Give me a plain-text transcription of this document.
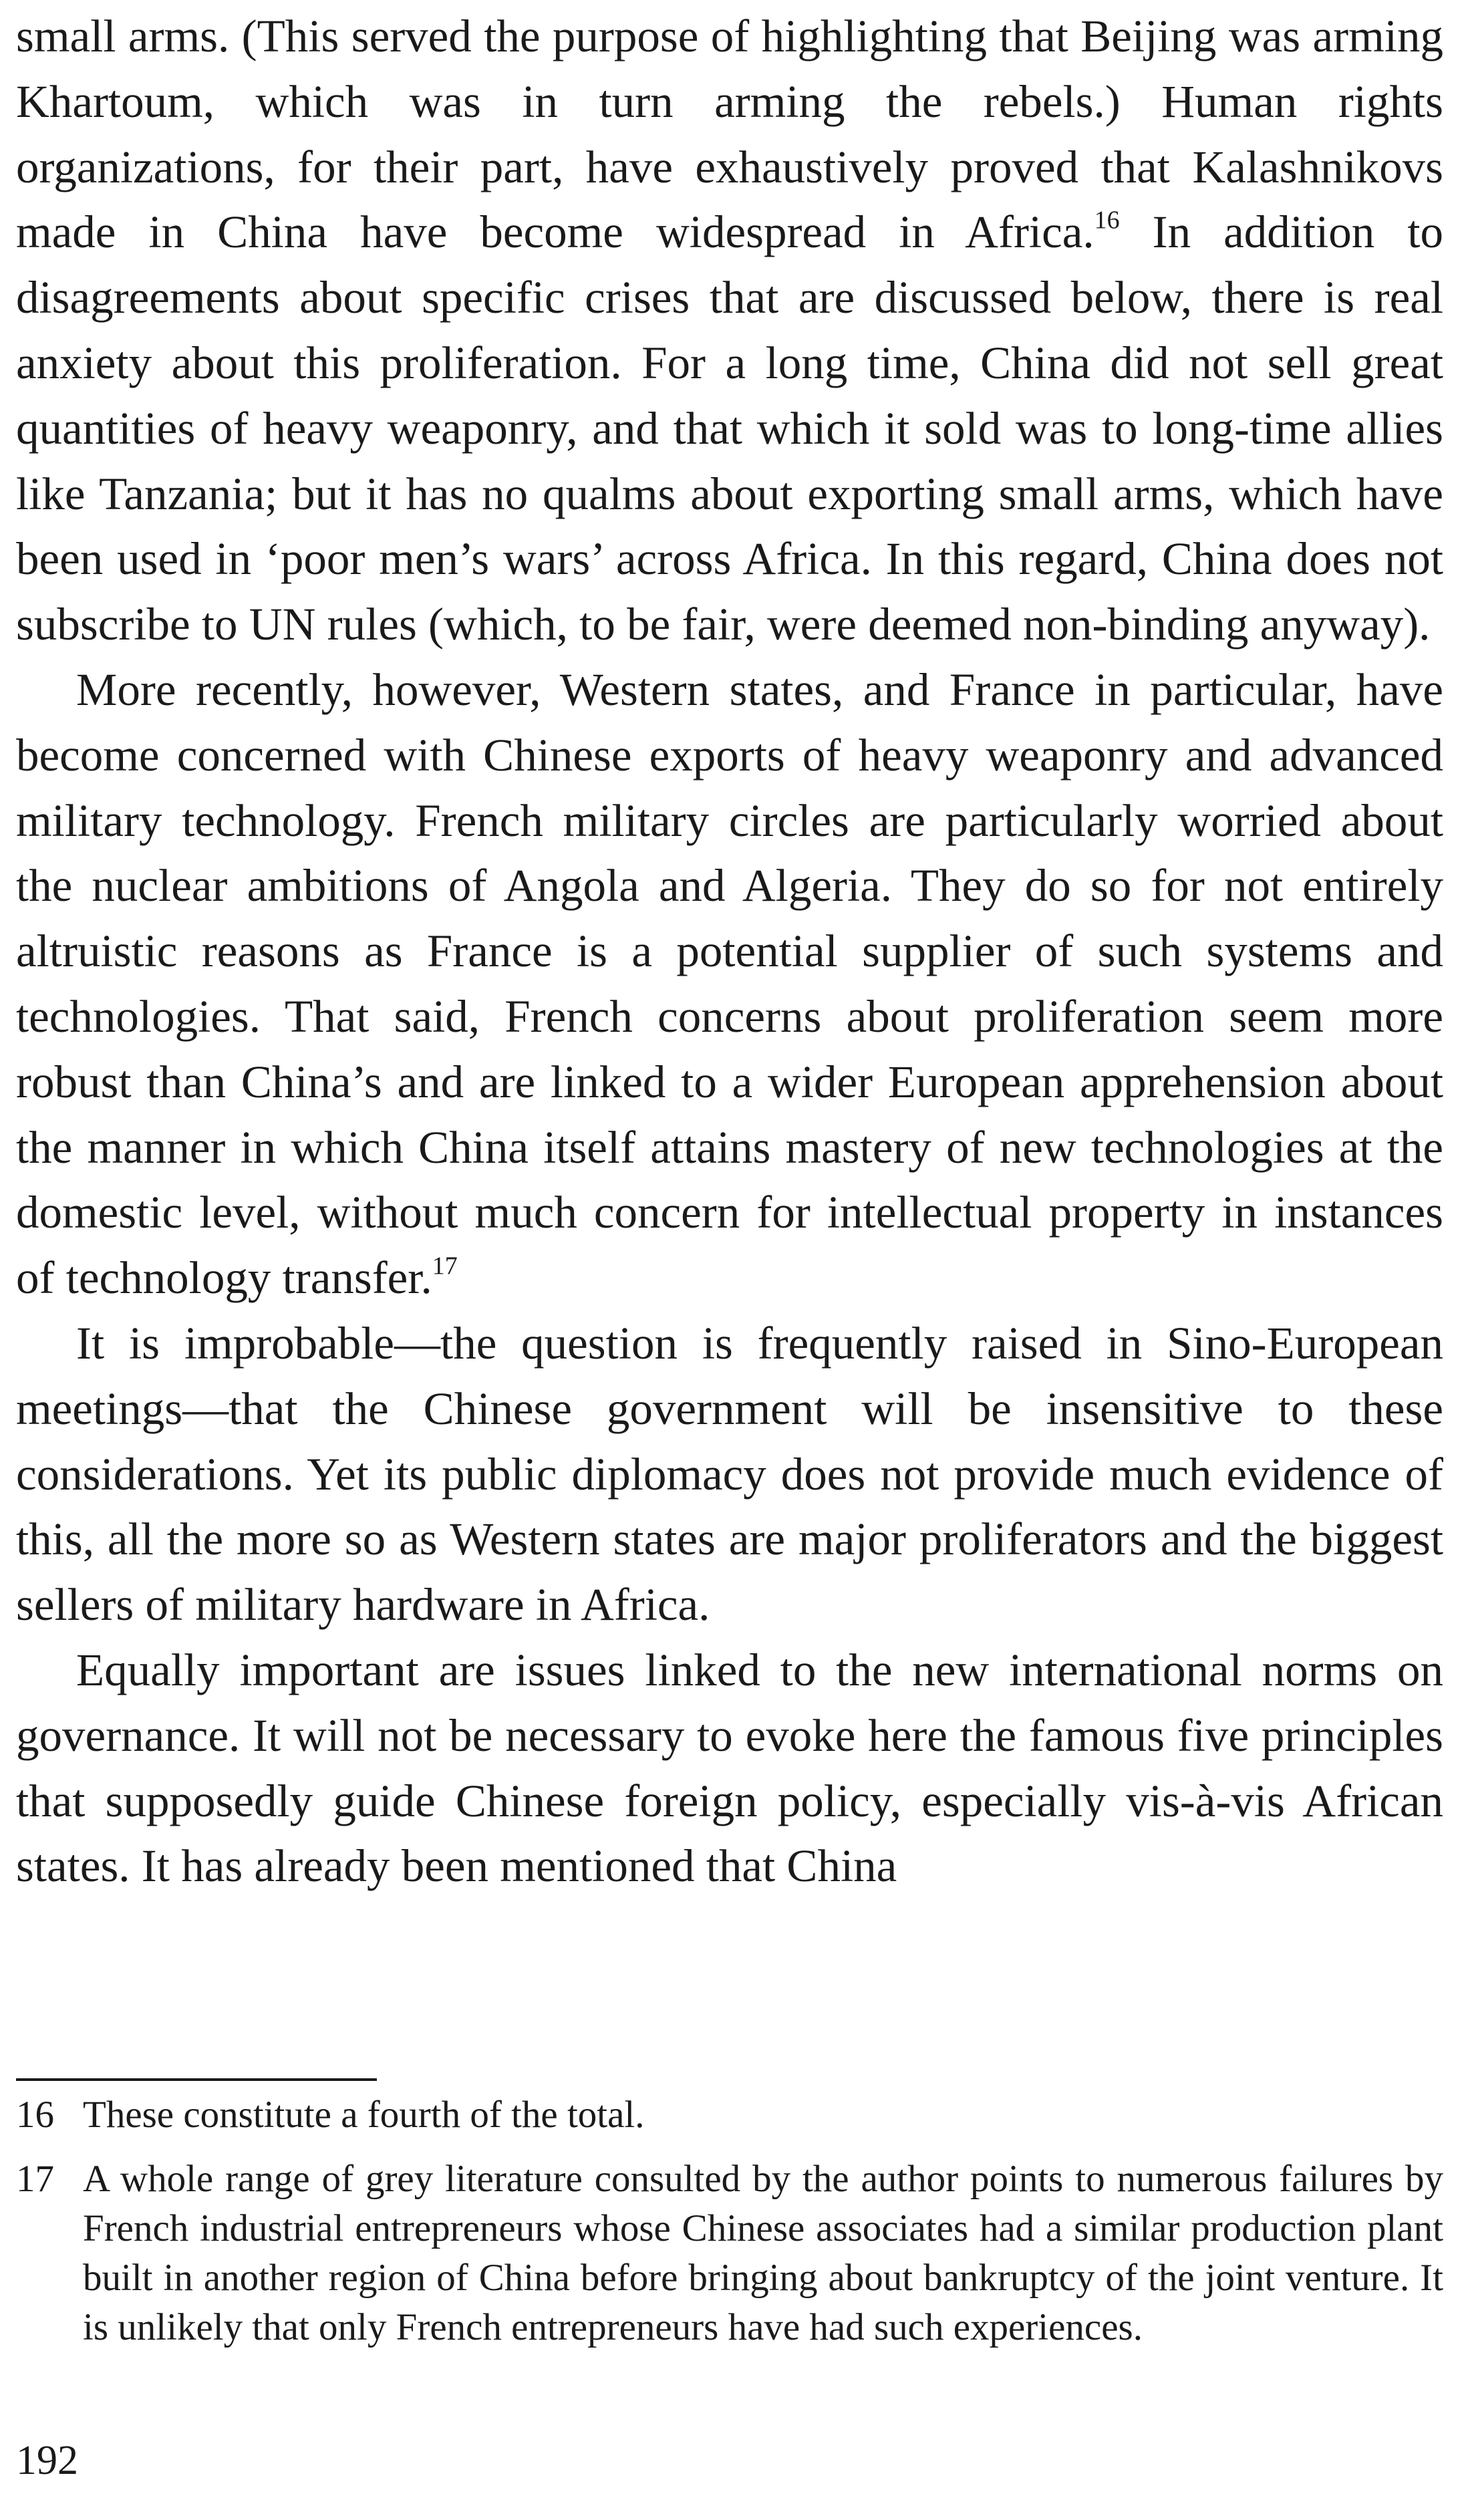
small arms. (This served the purpose of highlighting that Beijing was arming Khartoum, which was in turn arming the rebels.) Human rights organizations, for their part, have exhaustively proved that Kalashnikovs made in China have become widespread in Africa.$^{16}$ In addition to disagreements about specific crises that are discussed below, there is real anxiety about this proliferation. For a long time, China did not sell great quantities of heavy weaponry, and that which it sold was to long-time allies like Tanzania; but it has no qualms about exporting small arms, which have been used in ‘poor men’s wars’ across Africa. In this regard, China does not subscribe to UN rules (which, to be fair, were deemed non-binding anyway).

More recently, however, Western states, and France in particular, have become concerned with Chinese exports of heavy weaponry and advanced military technology. French military circles are particularly worried about the nuclear ambitions of Angola and Algeria. They do so for not entirely altruistic reasons as France is a potential supplier of such systems and technologies. That said, French concerns about proliferation seem more robust than China’s and are linked to a wider European apprehension about the manner in which China itself attains mastery of new technologies at the domestic level, without much concern for intellectual property in instances of technology transfer.$^{17}$

It is improbable—the question is frequently raised in Sino-European meetings—that the Chinese government will be insensitive to these considerations. Yet its public diplomacy does not provide much evidence of this, all the more so as Western states are major proliferators and the biggest sellers of military hardware in Africa.

Equally important are issues linked to the new international norms on governance. It will not be necessary to evoke here the famous five principles that supposedly guide Chinese foreign policy, especially vis-à-vis African states. It has already been mentioned that China

16 These constitute a fourth of the total.
17 A whole range of grey literature consulted by the author points to numerous failures by French industrial entrepreneurs whose Chinese associates had a similar production plant built in another region of China before bringing about bankruptcy of the joint venture. It is unlikely that only French entrepreneurs have had such experiences.
192
